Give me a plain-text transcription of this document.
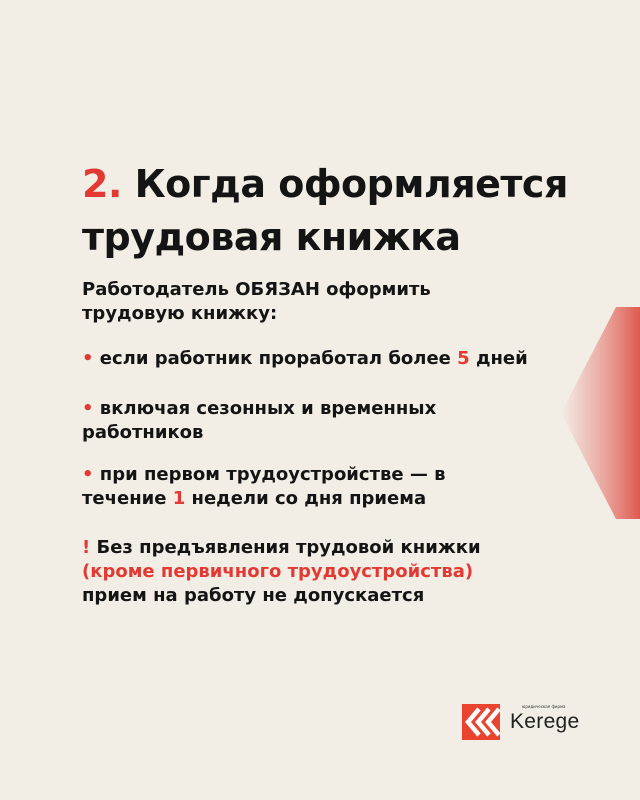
2. Когда оформляется
трудовая книжка

Работодатель ОБЯЗАН оформить
трудовую книжку:

• если работник проработал более 5 дней

• включая сезонных и временных
работников

• при первом трудоустройстве — в
течение 1 недели со дня приема

! Без предъявления трудовой книжки
(кроме первичного трудоустройства)
прием на работу не допускается

юридическая фирма
Kerege
